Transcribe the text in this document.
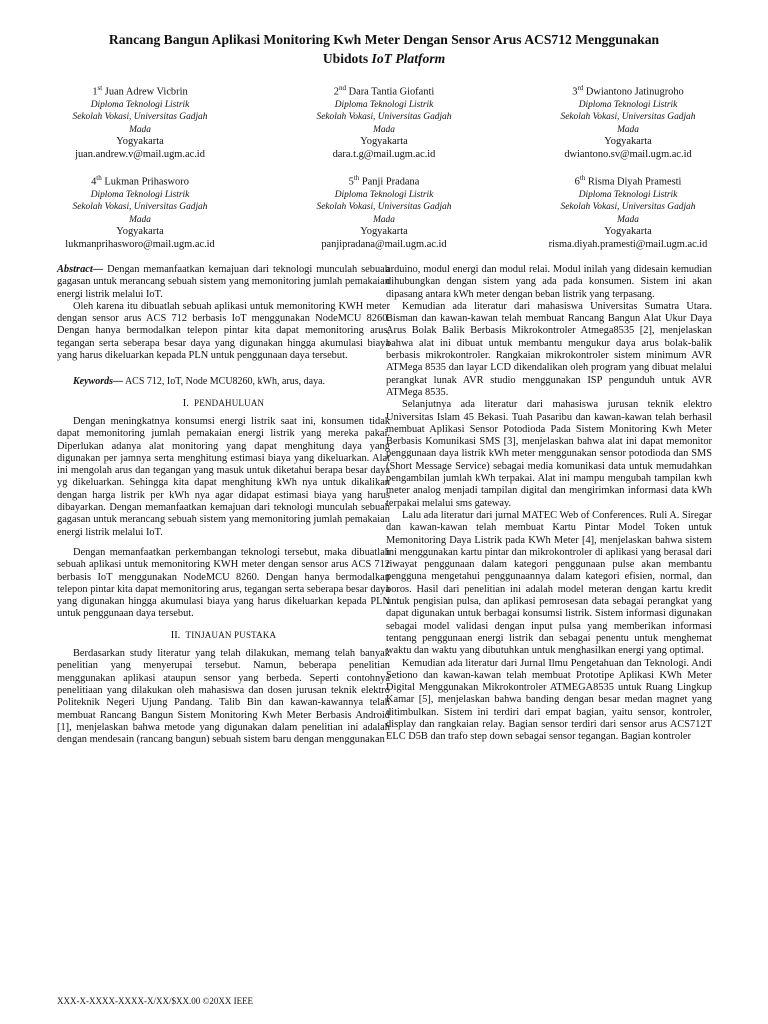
Rancang Bangun Aplikasi Monitoring Kwh Meter Dengan Sensor Arus ACS712 Menggunakan
Ubidots IoT Platform
1st Juan Adrew Vicbrin
Diploma Teknologi Listrik
Sekolah Vokasi, Universitas Gadjah
Mada
Yogyakarta
juan.andrew.v@mail.ugm.ac.id
2nd Dara Tantia Giofanti
Diploma Teknologi Listrik
Sekolah Vokasi, Universitas Gadjah
Mada
Yogyakarta
dara.t.g@mail.ugm.ac.id
3rd Dwiantono Jatinugroho
Diploma Teknologi Listrik
Sekolah Vokasi, Universitas Gadjah
Mada
Yogyakarta
dwiantono.sv@mail.ugm.ac.id
4th Lukman Prihasworo
Diploma Teknologi Listrik
Sekolah Vokasi, Universitas Gadjah
Mada
Yogyakarta
lukmanprihasworo@mail.ugm.ac.id
5th Panji Pradana
Diploma Teknologi Listrik
Sekolah Vokasi, Universitas Gadjah
Mada
Yogyakarta
panjipradana@mail.ugm.ac.id
6th Risma Diyah Pramesti
Diploma Teknologi Listrik
Sekolah Vokasi, Universitas Gadjah
Mada
Yogyakarta
risma.diyah.pramesti@mail.ugm.ac.id

Abstract— Dengan memanfaatkan kemajuan dari teknologi munculah sebuah gagasan untuk merancang sebuah sistem yang memonitoring jumlah pemakaian energi listrik melalui IoT.

Oleh karena itu dibuatlah sebuah aplikasi untuk memonitoring KWH meter dengan sensor arus ACS 712 berbasis IoT menggunakan NodeMCU 8260. Dengan hanya bermodalkan telepon pintar kita dapat memonitoring arus, tegangan serta seberapa besar daya yang digunakan hingga akumulasi biaya yang harus dikeluarkan kepada PLN untuk penggunaan daya tersebut.

Keywords— ACS 712, IoT, Node MCU8260, kWh, arus, daya.

I. PENDAHULUAN

Dengan meningkatnya konsumsi energi listrik saat ini, konsumen tidak dapat memonitoring jumlah pemakaian energi listrik yang mereka pakai. Diperlukan adanya alat monitoring yang dapat menghitung daya yang digunakan per jamnya serta menghitung estimasi biaya yang dikeluarkan. Alat ini mengolah arus dan tegangan yang masuk untuk diketahui berapa besar daya yg dikeluarkan. Sehingga kita dapat menghitung kWh nya untuk dikalikan dengan harga listrik per kWh nya agar didapat estimasi biaya yang harus dibayarkan. Dengan memanfaatkan kemajuan dari teknologi munculah sebuah gagasan untuk merancang sebuah sistem yang memonitoring jumlah pemakaian energi listrik melalui IoT.

Dengan memanfaatkan perkembangan teknologi tersebut, maka dibuatlah sebuah aplikasi untuk memonitoring KWH meter dengan sensor arus ACS 712 berbasis IoT menggunakan NodeMCU 8260. Dengan hanya bermodalkan telepon pintar kita dapat memonitoring arus, tegangan serta seberapa besar daya yang digunakan hingga akumulasi biaya yang harus dikeluarkan kepada PLN untuk penggunaan daya tersebut.

II. TINJAUAN PUSTAKA

Berdasarkan study literatur yang telah dilakukan, memang telah banyak penelitian yang menyerupai tersebut. Namun, beberapa penelitian menggunakan aplikasi ataupun sensor yang berbeda. Seperti contohnya penelitiaan yang dilakukan oleh mahasiswa dan dosen jurusan teknik elektro Politeknik Negeri Ujung Pandang. Talib Bin dan kawan-kawannya telah membuat Rancang Bangun Sistem Monitoring Kwh Meter Berbasis Android [1], menjelaskan bahwa metode yang digunakan dalam penelitian ini adalah dengan mendesain (rancang bangun) sebuah sistem baru dengan menggunakan

arduino, modul energi dan modul relai. Modul inilah yang didesain kemudian dihubungkan dengan sistem yang ada pada konsumen. Sistem ini akan dipasang antara kWh meter dengan beban listrik yang terpasang.

Kemudian ada literatur dari mahasiswa Universitas Sumatra Utara. Bisman dan kawan-kawan telah membuat Rancang Bangun Alat Ukur Daya Arus Bolak Balik Berbasis Mikrokontroler Atmega8535 [2], menjelaskan bahwa alat ini dibuat untuk membantu mengukur daya arus bolak-balik berbasis mikrokontroler. Rangkaian mikrokontroler sistem minimum AVR ATMega 8535 dan layar LCD dikendalikan oleh program yang dibuat melalui perangkat lunak AVR studio menggunakan ISP pengunduh untuk AVR ATMega 8535.

Selanjutnya ada literatur dari mahasiswa jurusan teknik elektro Universitas Islam 45 Bekasi. Tuah Pasaribu dan kawan-kawan telah berhasil membuat Aplikasi Sensor Potodioda Pada Sistem Monitoring Kwh Meter Berbasis Komunikasi SMS [3], menjelaskan bahwa alat ini dapat memonitor penggunaan daya listrik kWh meter menggunakan sensor potodioda dan SMS (Short Message Service) sebagai media komunikasi data untuk memudahkan pengambilan jumlah kWh terpakai. Alat ini mampu mengubah tampilan kwh meter analog menjadi tampilan digital dan mengirimkan informasi data kWh terpakai melalui sms gateway.

Lalu ada literatur dari jurnal MATEC Web of Conferences. Ruli A. Siregar dan kawan-kawan telah membuat Kartu Pintar Model Token untuk Memonitoring Daya Listrik pada KWh Meter [4], menjelaskan bahwa sistem ini menggunakan kartu pintar dan mikrokontroler di aplikasi yang berasal dari riwayat penggunaan dalam kategori penggunaan pulse akan membantu pengguna mengetahui penggunaannya dalam kategori efisien, normal, dan boros. Hasil dari penelitian ini adalah model meteran dengan kartu kredit untuk pengisian pulsa, dan aplikasi pemrosesan data sebagai perangkat yang dapat digunakan untuk berbagai konsumsi listrik. Sistem informasi digunakan sebagai model validasi dengan input pulsa yang memberikan informasi tentang penggunaan energi listrik dan sebagai penentu untuk menghemat waktu dan waktu yang dibutuhkan untuk menghasilkan energi yang optimal.

Kemudian ada literatur dari Jurnal Ilmu Pengetahuan dan Teknologi. Andi Setiono dan kawan-kawan telah membuat Prototipe Aplikasi KWh Meter Digital Menggunakan Mikrokontroler ATMEGA8535 untuk Ruang Lingkup Kamar [5], menjelaskan bahwa banding dengan besar medan magnet yang ditimbulkan. Sistem ini terdiri dari empat bagian, yaitu sensor, kontroler, display dan rangkaian relay. Bagian sensor terdiri dari sensor arus ACS712T ELC D5B dan trafo step down sebagai sensor tegangan. Bagian kontroler

XXX-X-XXXX-XXXX-X/XX/$XX.00 ©20XX IEEE
